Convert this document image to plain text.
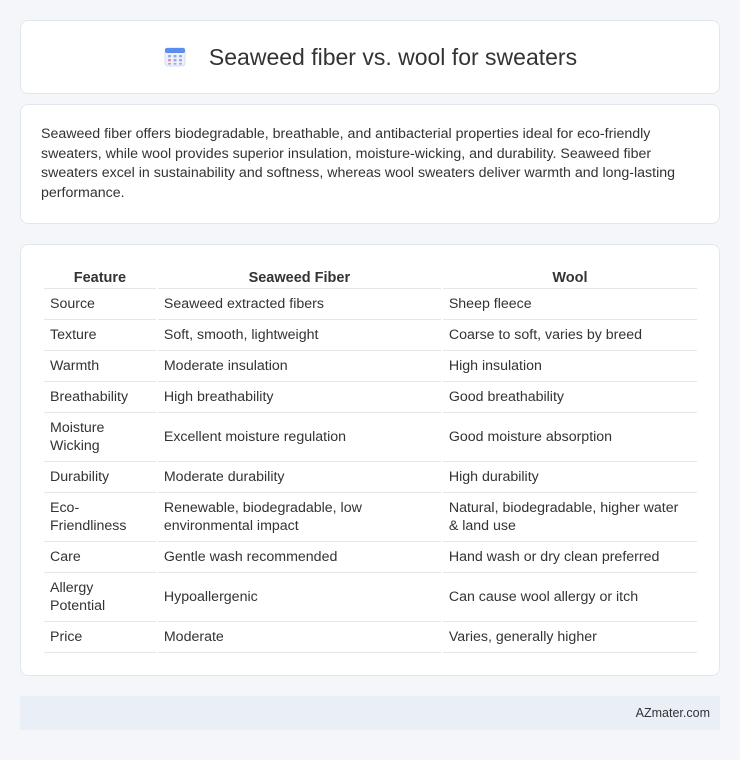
Seaweed fiber vs. wool for sweaters

Seaweed fiber offers biodegradable, breathable, and antibacterial properties ideal for eco-friendly sweaters, while wool provides superior insulation, moisture-wicking, and durability. Seaweed fiber sweaters excel in sustainability and softness, whereas wool sweaters deliver warmth and long-lasting performance.

Feature	Seaweed Fiber	Wool
Source	Seaweed extracted fibers	Sheep fleece
Texture	Soft, smooth, lightweight	Coarse to soft, varies by breed
Warmth	Moderate insulation	High insulation
Breathability	High breathability	Good breathability
Moisture Wicking	Excellent moisture regulation	Good moisture absorption
Durability	Moderate durability	High durability
Eco-Friendliness	Renewable, biodegradable, low environmental impact	Natural, biodegradable, higher water & land use
Care	Gentle wash recommended	Hand wash or dry clean preferred
Allergy Potential	Hypoallergenic	Can cause wool allergy or itch
Price	Moderate	Varies, generally higher
AZmater.com
